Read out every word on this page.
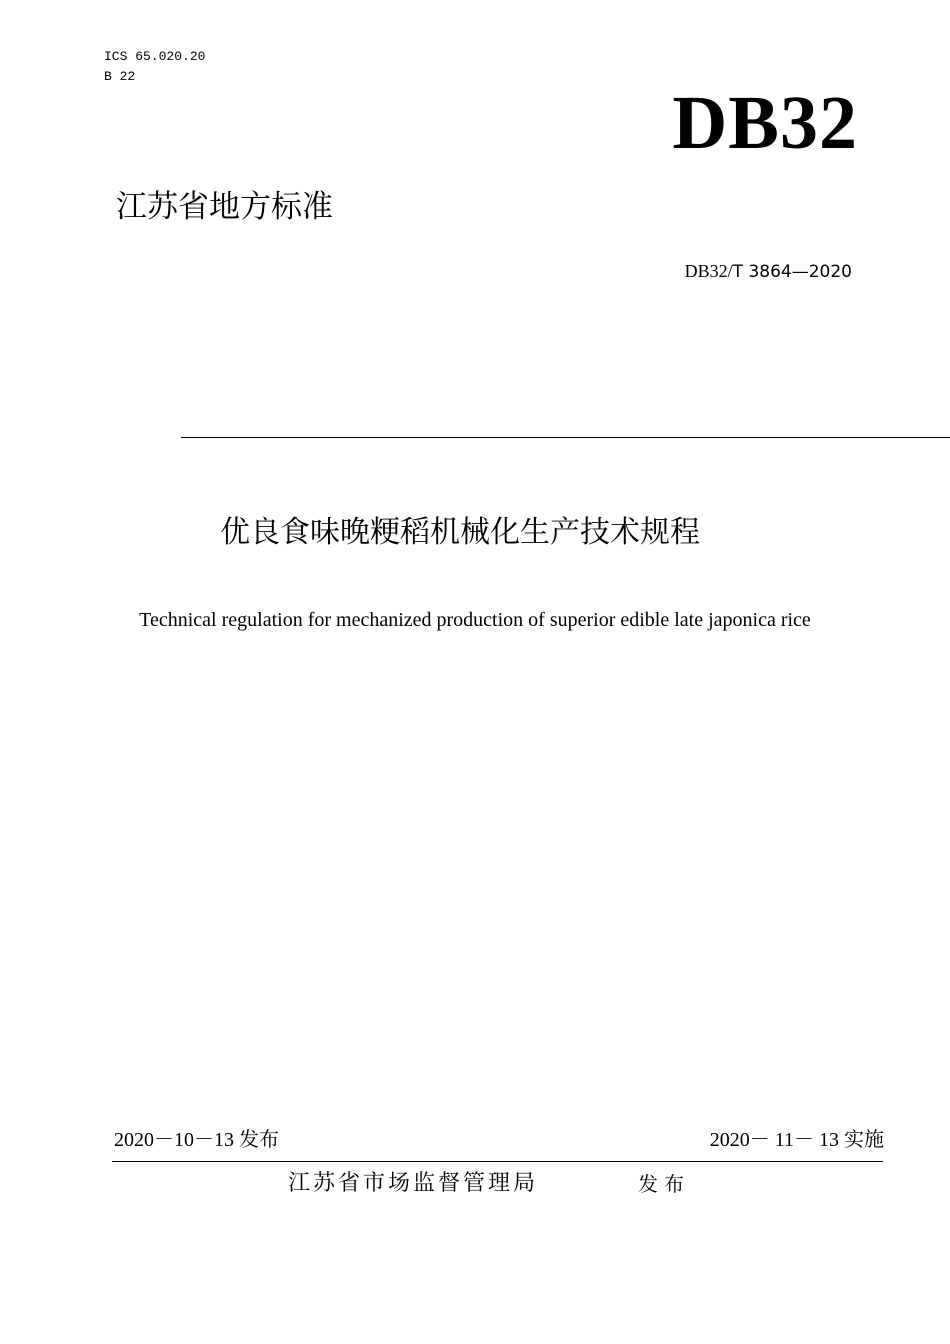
ICS 65.020.20
B 22
DB32
江苏省地方标准
DB32/T 3864—2020
优良食味晚粳稻机械化生产技术规程
Technical regulation for mechanized production of superior edible late japonica rice
2020－10－13 发布	2020－ 11－ 13 实施
江苏省市场监督管理局	发布
